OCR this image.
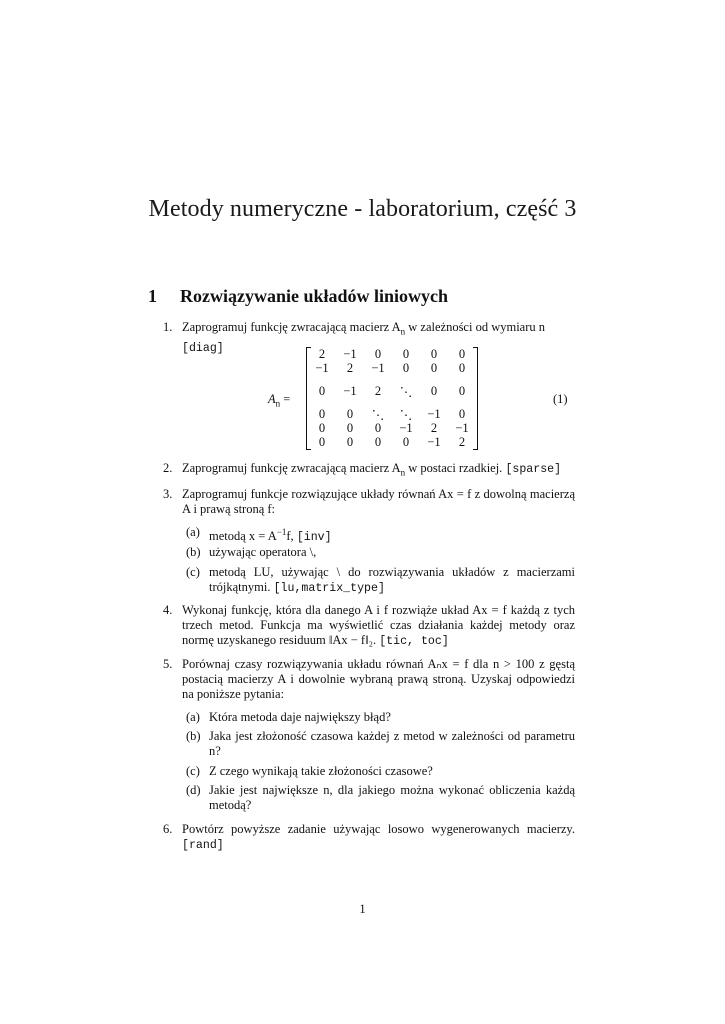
Metody numeryczne - laboratorium, część 3
1 Rozwiązywanie układów liniowych
1. Zaprogramuj funkcję zwracającą macierz $A_n$ w zależności od wymiaru n
[diag]
$A_n$ =
2	−1	0	0	0	0
−1	2	−1	0	0	0
0	−1	2	⋱	0	0
0	0	⋱	⋱	−1	0
0	0	0	−1	2	−1
0	0	0	0	−1	2
(1)
2. Zaprogramuj funkcję zwracającą macierz $A_n$ w postaci rzadkiej. [sparse]
3. Zaprogramuj funkcje rozwiązujące układy równań Ax = f z dowolną macierzą A i prawą stroną f:
(a) metodą $x = A^{-1}f$, [inv]
(b) używając operatora \,
(c) metodą LU, używając \ do rozwiązywania układów z macierzami trójkątnymi. [lu,matrix_type]
4. Wykonaj funkcję, która dla danego A i f rozwiąże układ Ax = f każdą z tych trzech metod. Funkcja ma wyświetlić czas działania każdej metody oraz normę uzyskanego residuum ‖Ax − f‖₂. [tic, toc]
5. Porównaj czasy rozwiązywania układu równań Aₙx = f dla n > 100 z gęstą postacią macierzy A i dowolnie wybraną prawą stroną. Uzyskaj odpowiedzi na poniższe pytania:
(a) Która metoda daje największy błąd?
(b) Jaka jest złożoność czasowa każdej z metod w zależności od parametru n?
(c) Z czego wynikają takie złożoności czasowe?
(d) Jakie jest największe n, dla jakiego można wykonać obliczenia każdą metodą?
6. Powtórz powyższe zadanie używając losowo wygenerowanych macierzy. [rand]
1
